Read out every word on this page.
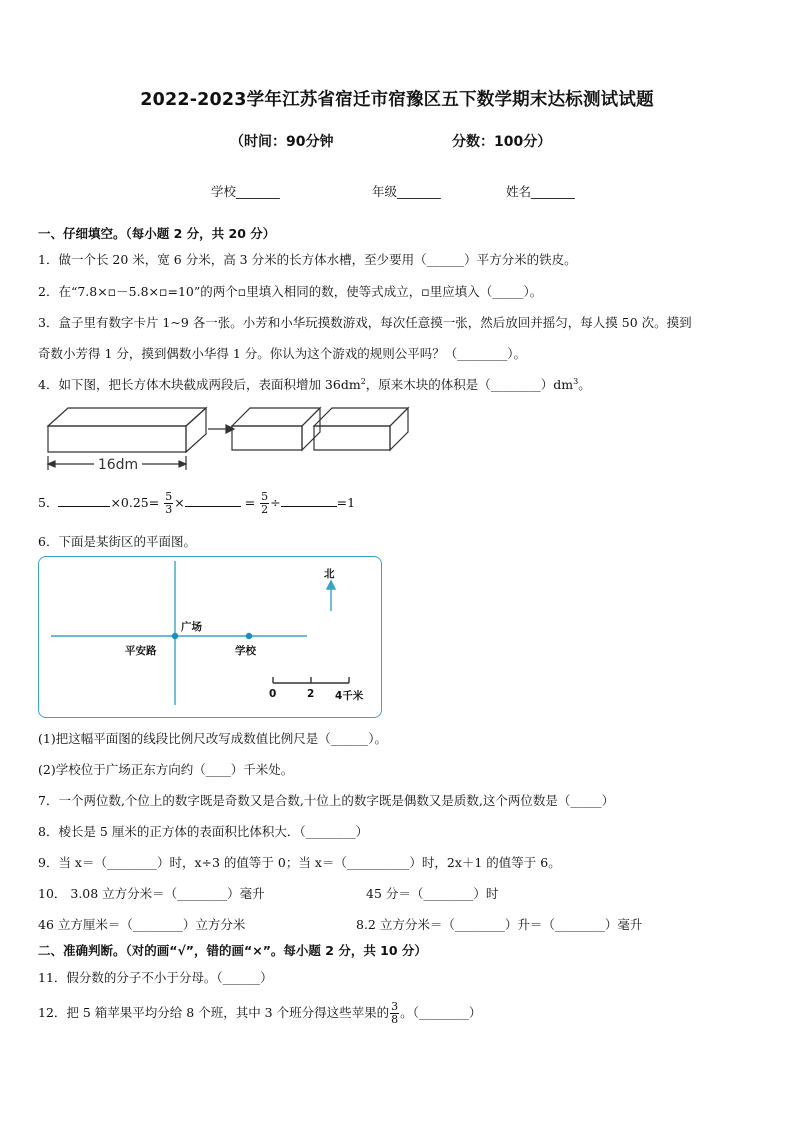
2022-2023学年江苏省宿迁市宿豫区五下数学期末达标测试试题
（时间：90分钟	分数：100分）
学校_______	年级_______	姓名_______
一、仔细填空。（每小题 2 分，共 20 分）
1．做一个长 20 米，宽 6 分米，高 3 分米的长方体水槽，至少要用（______）平方分米的铁皮。
2．在“7.8×▫－5.8×▫=10”的两个▫里填入相同的数，使等式成立，▫里应填入（_____）。
3．盒子里有数字卡片 1~9 各一张。小芳和小华玩摸数游戏，每次任意摸一张，然后放回并摇匀，每人摸 50 次。摸到
奇数小芳得 1 分，摸到偶数小华得 1 分。你认为这个游戏的规则公平吗？（________）。
4．如下图，把长方体木块截成两段后，表面积增加 $36dm^2$，原来木块的体积是$(\_\_\_\_\_\_\_\_)dm^3$。
16dm
5．	$\times 0.25= \frac{5}{3}$ ×	= $\frac{5}{2}$ ÷	=1
6．下面是某街区的平面图。
北
广场
平安路	学校
0	2 4千米
(1)把这幅平面图的线段比例尺改写成数值比例尺是（______）。
(2)学校位于广场正东方向约（____）千米处。
7．一个两位数,个位上的数字既是奇数又是合数,十位上的数字既是偶数又是质数,这个两位数是（_____）
8．棱长是 5 厘米的正方体的表面积比体积大．（________）
9．当 x＝（________）时，x÷3 的值等于 0；当 x＝（__________）时，2x＋1 的值等于 6。
10． 3.08 立方分米＝（________）毫升	45 分＝（________）时
46 立方厘米＝（________）立方分米	8.2 立方分米＝（________）升＝（________）毫升
二、准确判断。（对的画“√”，错的画“×”。每小题 2 分，共 10 分）
11．假分数的分子不小于分母。（______）
12．把 5 箱苹果平均分给 8 个班，其中 3 个班分得这些苹果的 $\frac{3}{8}$ 。（________）
